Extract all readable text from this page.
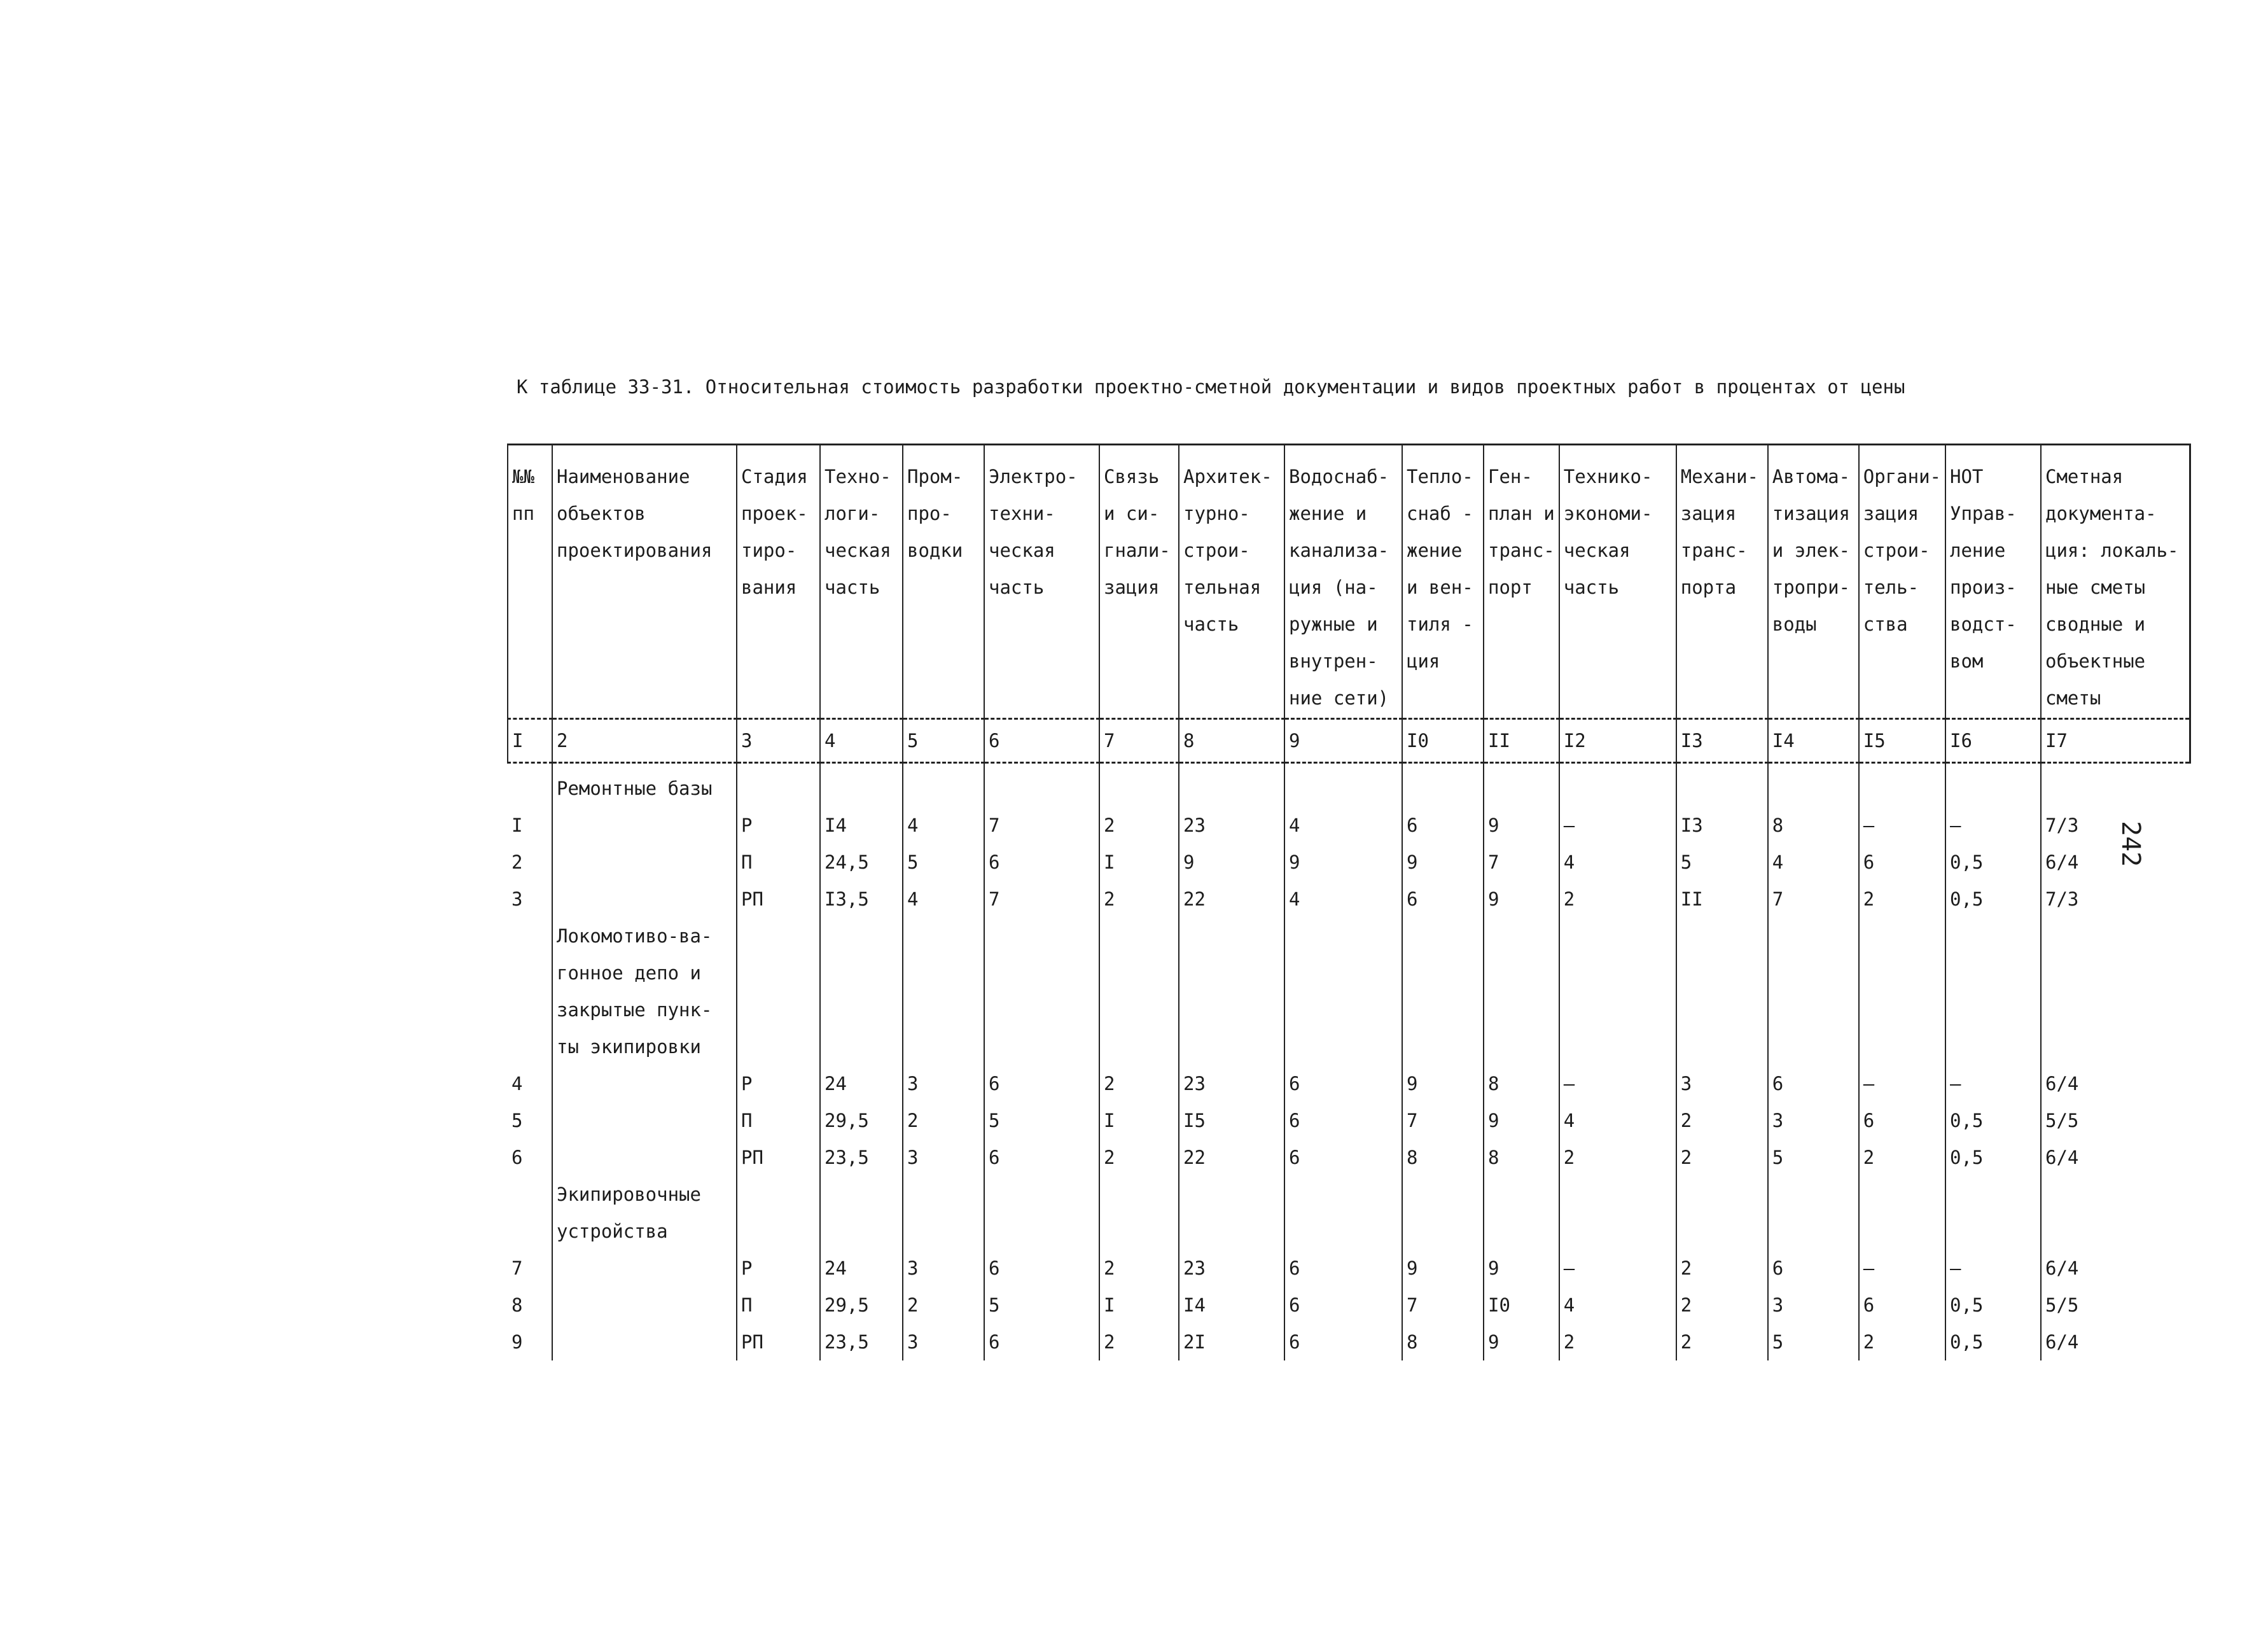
К таблице 33-31. Относительная стоимость разработки проектно-сметной документации и видов проектных работ в процентах от цены
242
№№ пп	Наименование объектов проектирования	Стадия проек- тиро- вания	Техно- логи- ческая часть	Пром- про- водки	Электро- техни- ческая часть	Связь и си- гнали- зация	Архитек- турно- строи- тельная часть	Водоснаб- жение и канализа- ция (на- ружные и внутрен- ние сети)	Тепло- снаб - жение и вен- тиля - ция	Ген- план и транс- порт	Технико- экономи- ческая часть	Механи- зация транс- порта	Автома- тизация и элек- тропри- воды	Органи- зация строи- тель- ства	НОТ Управ- ление произ- водст- вом	Сметная документа- ция: локаль- ные сметы сводные и объектные сметы
I	2	3	4	5	6	7	8	9	I0	II	I2	I3	I4	I5	I6	I7

	Ремонтные базы															
I		Р	I4	4	7	2	23	4	6	9	–	I3	8	–	–	7/3
2		П	24,5	5	6	I	9	9	9	7	4	5	4	6	0,5	6/4
3		РП	I3,5	4	7	2	22	4	6	9	2	II	7	2	0,5	7/3
	Локомотиво-ва- гонное депо и закрытые пунк- ты экипировки															
4		Р	24	3	6	2	23	6	9	8	–	3	6	–	–	6/4
5		П	29,5	2	5	I	I5	6	7	9	4	2	3	6	0,5	5/5
6		РП	23,5	3	6	2	22	6	8	8	2	2	5	2	0,5	6/4
	Экипировочные устройства															
7		Р	24	3	6	2	23	6	9	9	–	2	6	–	–	6/4
8		П	29,5	2	5	I	I4	6	7	I0	4	2	3	6	0,5	5/5
9		РП	23,5	3	6	2	2I	6	8	9	2	2	5	2	0,5	6/4
